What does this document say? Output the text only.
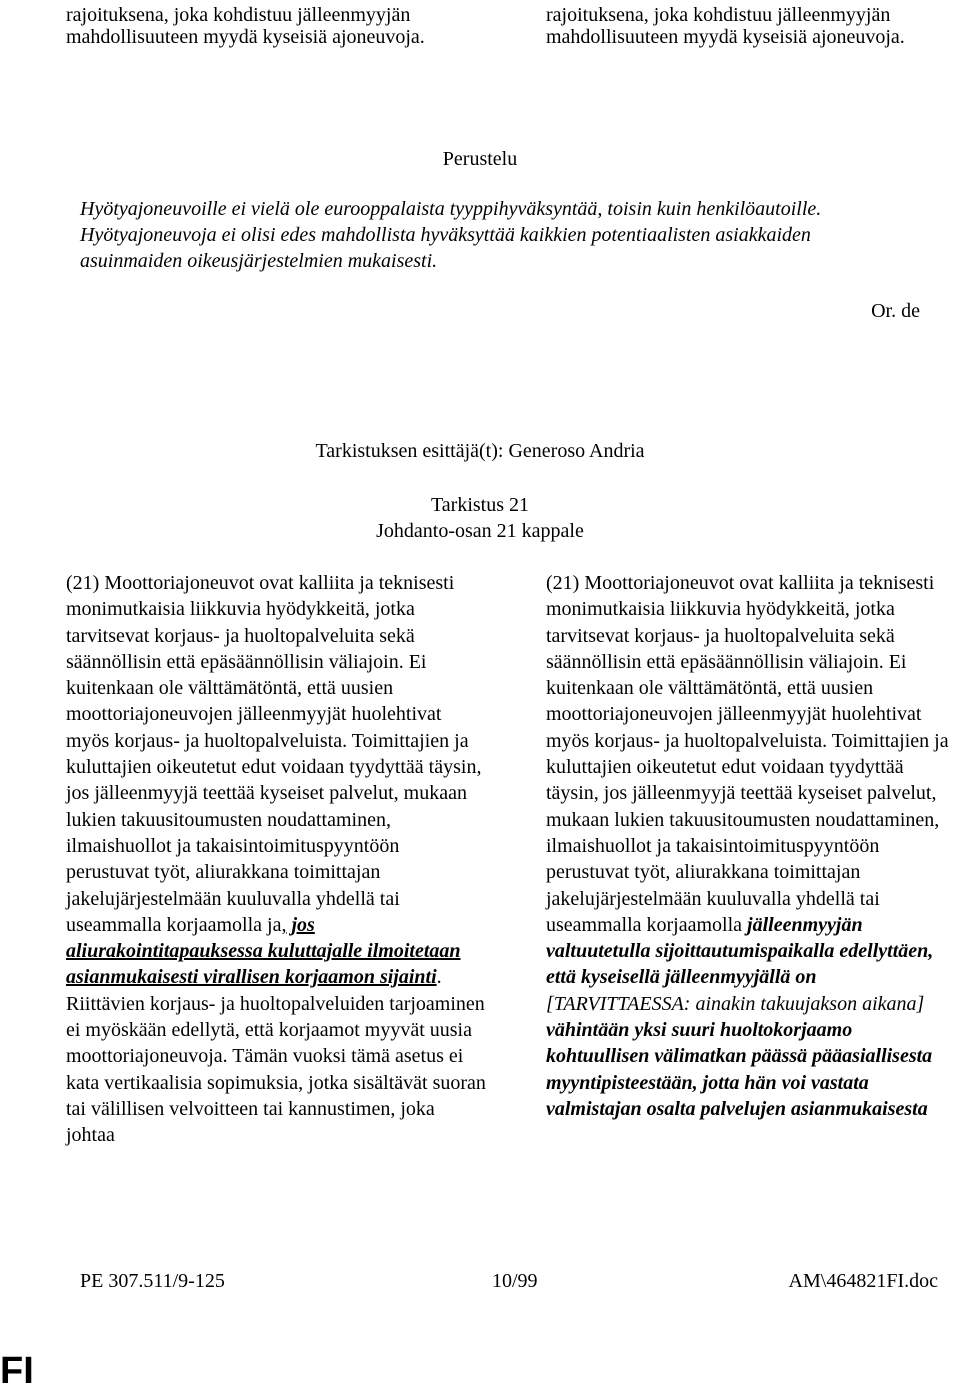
rajoituksena, joka kohdistuu jälleenmyyjän
mahdollisuuteen myydä kyseisiä ajoneuvoja.
rajoituksena, joka kohdistuu jälleenmyyjän
mahdollisuuteen myydä kyseisiä ajoneuvoja.
Perustelu
Hyötyajoneuvoille ei vielä ole eurooppalaista tyyppihyväksyntää, toisin kuin henkilöautoille.
Hyötyajoneuvoja ei olisi edes mahdollista hyväksyttää kaikkien potentiaalisten asiakkaiden
asuinmaiden oikeusjärjestelmien mukaisesti.
Or. de
Tarkistuksen esittäjä(t): Generoso Andria
Tarkistus 21
Johdanto-osan 21 kappale
(21) Moottoriajoneuvot ovat kalliita ja teknisesti monimutkaisia liikkuvia hyödykkeitä, jotka tarvitsevat korjaus- ja huoltopalveluita sekä säännöllisin että epäsäännöllisin väliajoin. Ei kuitenkaan ole välttämätöntä, että uusien moottoriajoneuvojen jälleenmyyjät huolehtivat myös korjaus- ja huoltopalveluista. Toimittajien ja kuluttajien oikeutetut edut voidaan tyydyttää täysin, jos jälleenmyyjä teettää kyseiset palvelut, mukaan lukien takuusitoumusten noudattaminen, ilmaishuollot ja takaisintoimituspyyntöön perustuvat työt, aliurakkana toimittajan jakelujärjestelmään kuuluvalla yhdellä tai useammalla korjaamolla ja, jos aliurakointitapauksessa kuluttajalle ilmoitetaan asianmukaisesti virallisen korjaamon sijainti. Riittävien korjaus- ja huoltopalveluiden tarjoaminen ei myöskään edellytä, että korjaamot myyvät uusia moottoriajoneuvoja. Tämän vuoksi tämä asetus ei kata vertikaalisia sopimuksia, jotka sisältävät suoran tai välillisen velvoitteen tai kannustimen, joka johtaa
(21) Moottoriajoneuvot ovat kalliita ja teknisesti monimutkaisia liikkuvia hyödykkeitä, jotka tarvitsevat korjaus- ja huoltopalveluita sekä säännöllisin että epäsäännöllisin väliajoin. Ei kuitenkaan ole välttämätöntä, että uusien moottoriajoneuvojen jälleenmyyjät huolehtivat myös korjaus- ja huoltopalveluista. Toimittajien ja kuluttajien oikeutetut edut voidaan tyydyttää täysin, jos jälleenmyyjä teettää kyseiset palvelut, mukaan lukien takuusitoumusten noudattaminen, ilmaishuollot ja takaisintoimituspyyntöön perustuvat työt, aliurakkana toimittajan jakelujärjestelmään kuuluvalla yhdellä tai useammalla korjaamolla jälleenmyyjän valtuutetulla sijoittautumispaikalla edellyttäen, että kyseisellä jälleenmyyjällä on [TARVITTAESSA: ainakin takuujakson aikana] vähintään yksi suuri huoltokorjaamo kohtuullisen välimatkan päässä pääasiallisesta myyntipisteestään, jotta hän voi vastata valmistajan osalta palvelujen asianmukaisesta
PE 307.511/9-125	10/99	AM\464821FI.doc
FI
